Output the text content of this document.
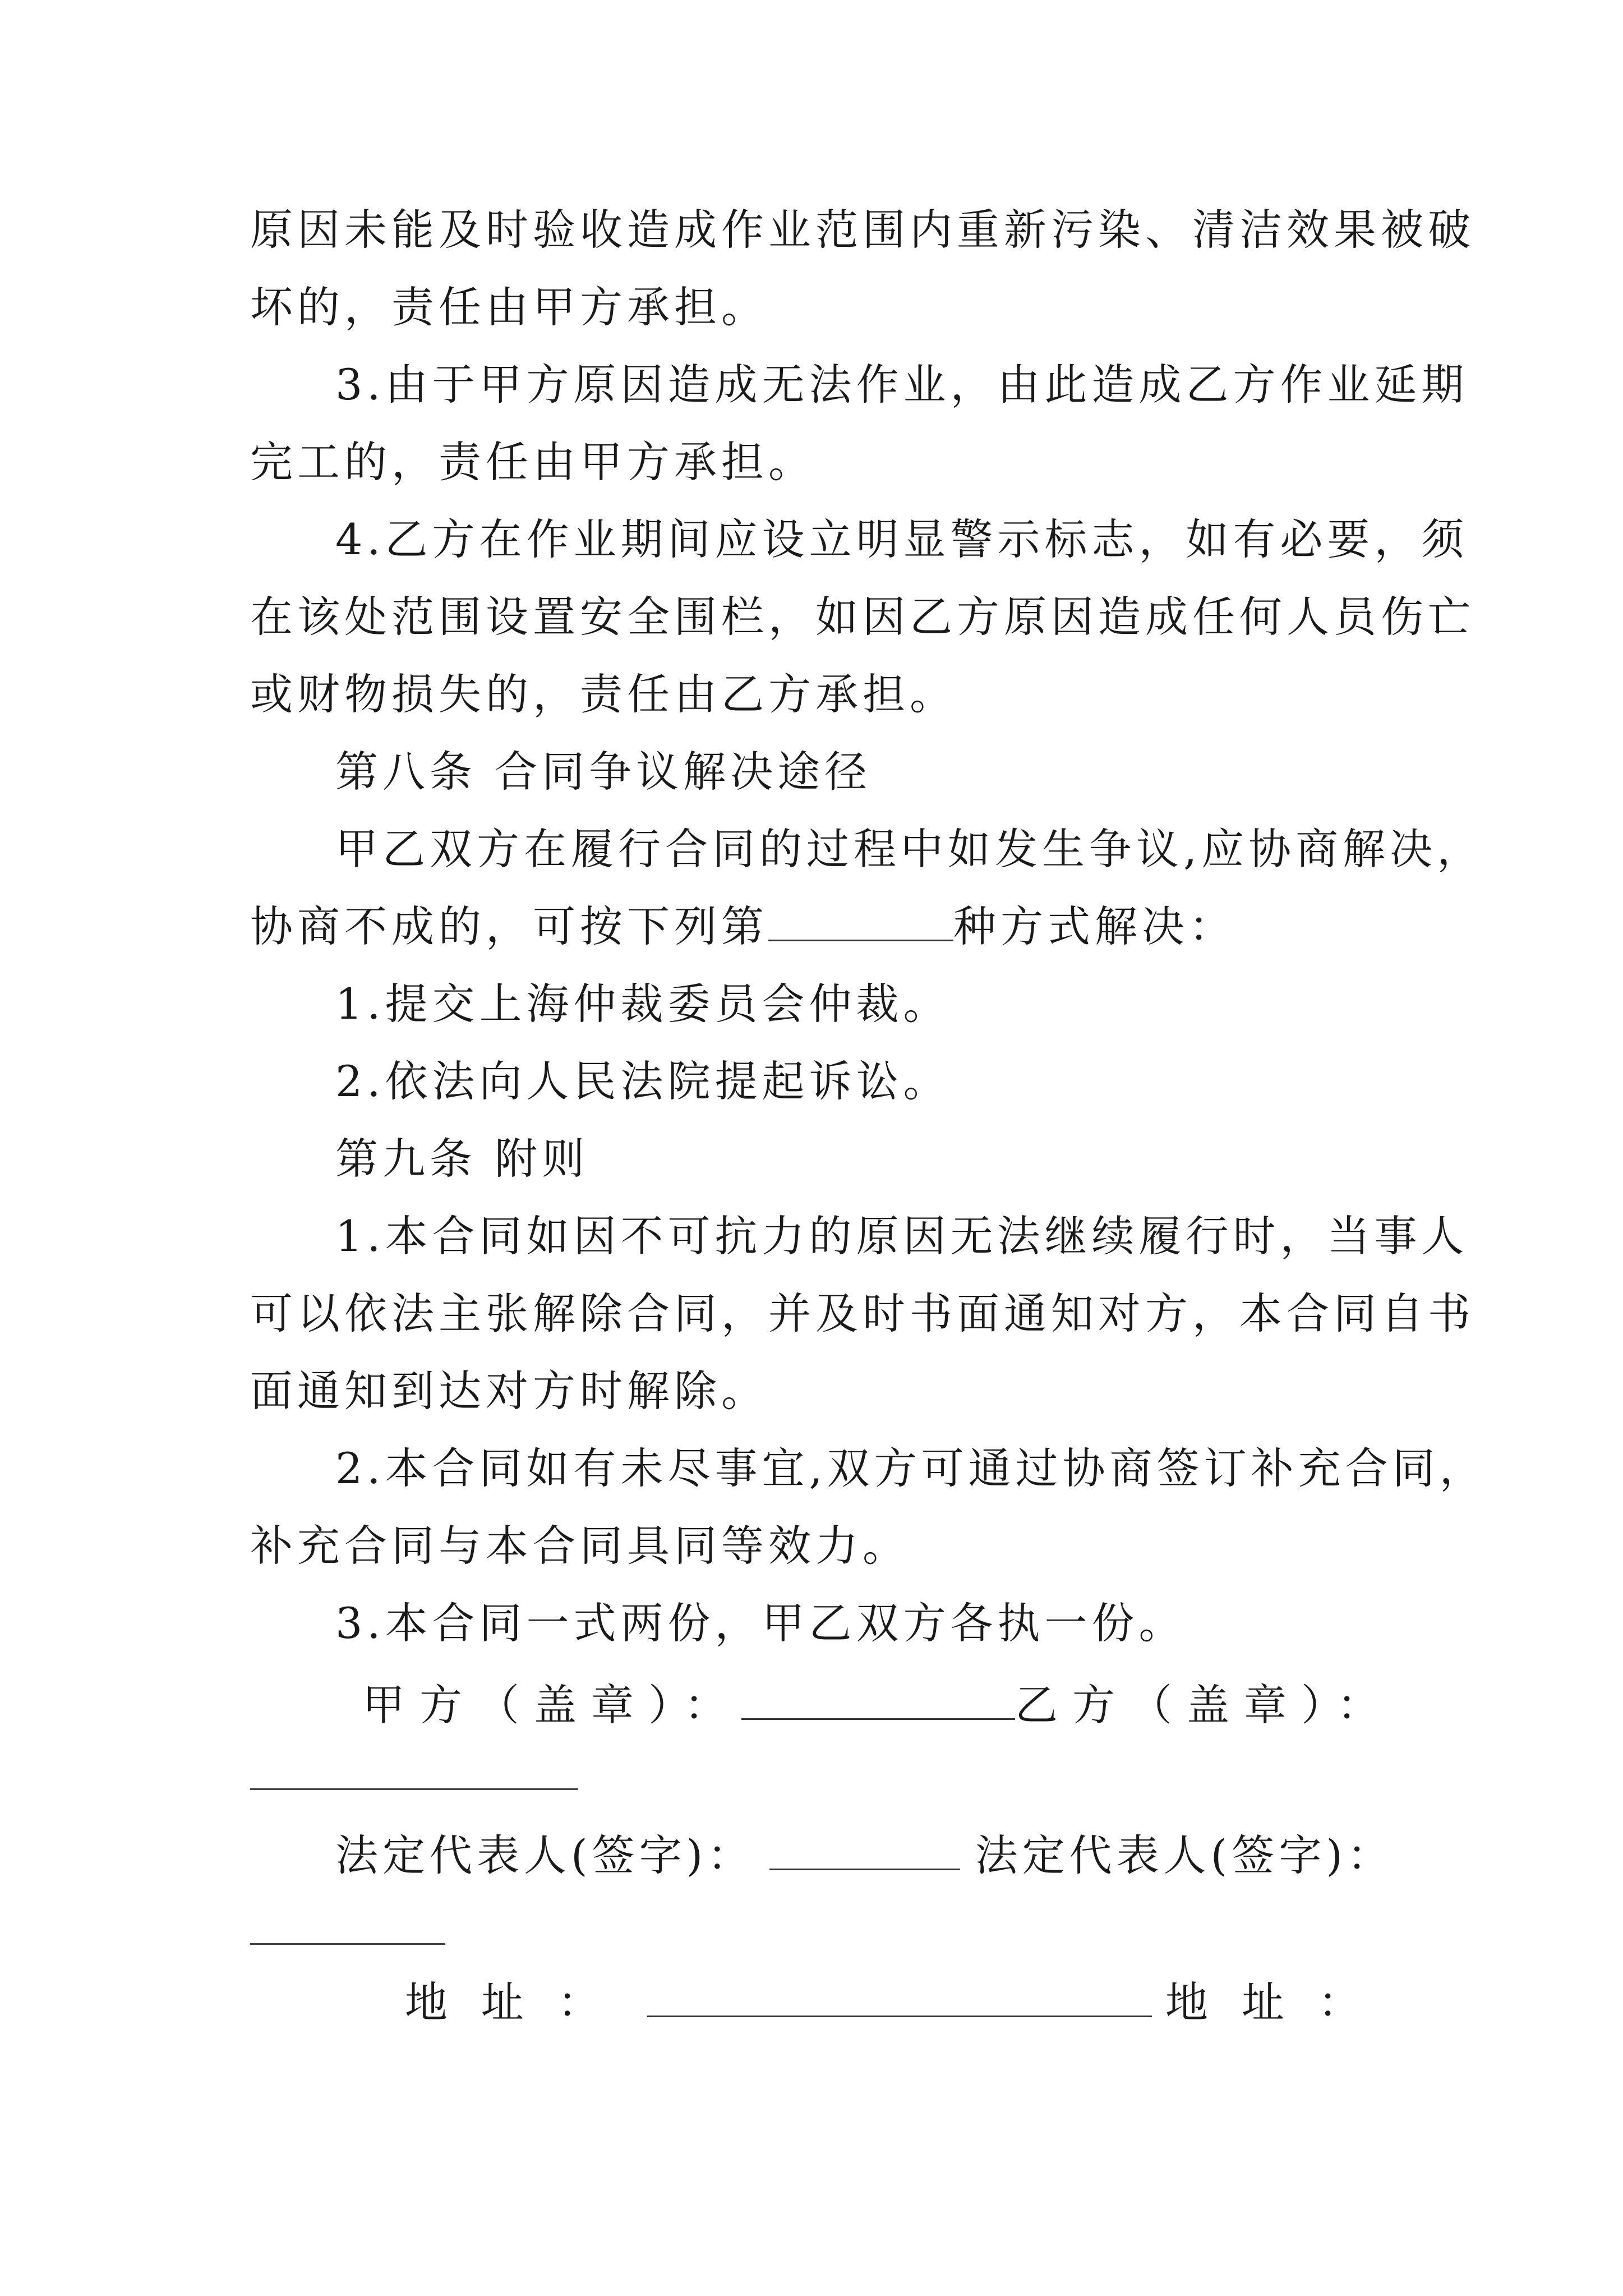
原因未能及时验收造成作业范围内重新污染、清洁效果被破
坏的，责任由甲方承担。
3.由于甲方原因造成无法作业，由此造成乙方作业延期
完工的，责任由甲方承担。
4.乙方在作业期间应设立明显警示标志，如有必要，须
在该处范围设置安全围栏，如因乙方原因造成任何人员伤亡
或财物损失的，责任由乙方承担。
第八条 合同争议解决途径
甲乙双方在履行合同的过程中如发生争议,应协商解决，
协商不成的，可按下列第	种方式解决：
1.提交上海仲裁委员会仲裁。
2.依法向人民法院提起诉讼。
第九条 附则
1.本合同如因不可抗力的原因无法继续履行时，当事人
可以依法主张解除合同，并及时书面通知对方，本合同自书
面通知到达对方时解除。
2.本合同如有未尽事宜,双方可通过协商签订补充合同，
补充合同与本合同具同等效力。
3.本合同一式两份，甲乙双方各执一份。
甲方（盖章）：	乙方（盖章）：
法定代表人(签字)：	法定代表人(签字)：
地址：	地址：
